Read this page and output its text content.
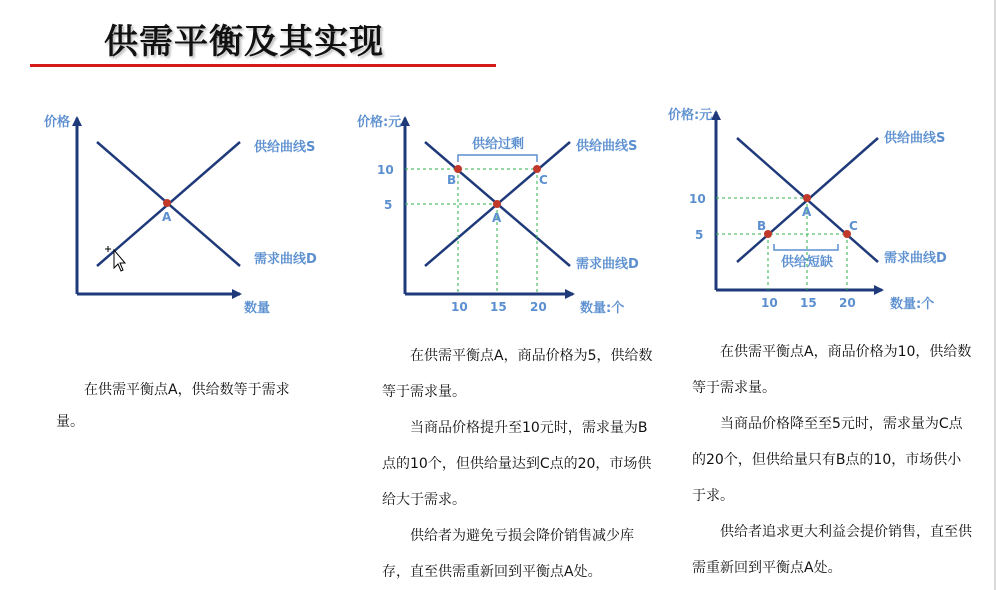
供需平衡及其实现
价格
数量
供给曲线S
需求曲线D
A
价格:元
数量:个
供给曲线S
需求曲线D
供给过剩
A
B	C
10
5
10 15 20
价格:元
数量:个
供给曲线S
需求曲线D
供给短缺
A
B	C
10
5
10 15 20

在供需平衡点A，供给数等于需求量。

在供需平衡点A，商品价格为5，供给数等于需求量。

当商品价格提升至10元时，需求量为B点的10个，但供给量达到C点的20，市场供给大于需求。

供给者为避免亏损会降价销售减少库存，直至供需重新回到平衡点A处。

在供需平衡点A，商品价格为10，供给数等于需求量。

当商品价格降至至5元时，需求量为C点的20个，但供给量只有B点的10，市场供小于求。

供给者追求更大利益会提价销售，直至供需重新回到平衡点A处。
